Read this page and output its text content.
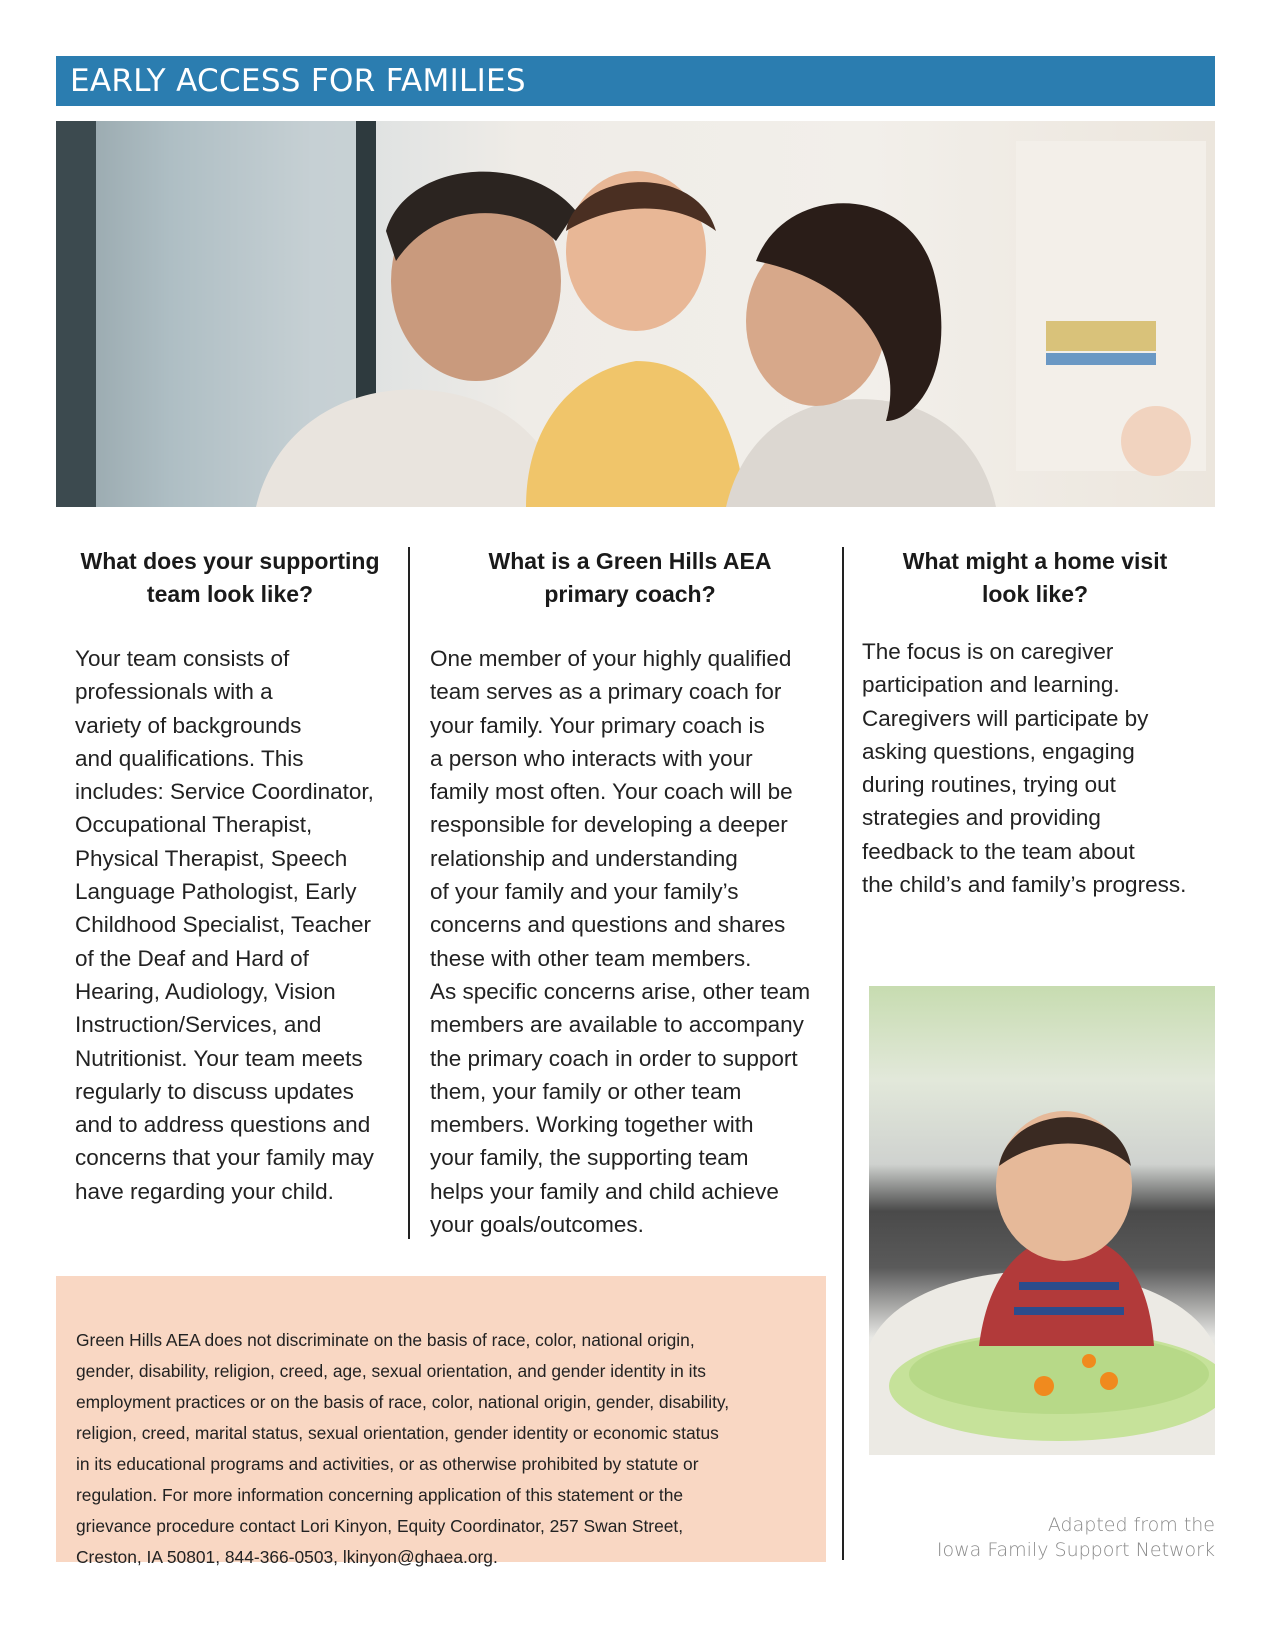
EARLY ACCESS FOR FAMILIES
What does your supporting
team look like?
Your team consists of
professionals with a
variety of backgrounds
and qualifications. This
includes: Service Coordinator,
Occupational Therapist,
Physical Therapist, Speech
Language Pathologist, Early
Childhood Specialist, Teacher
of the Deaf and Hard of
Hearing, Audiology, Vision
Instruction/Services, and
Nutritionist. Your team meets
regularly to discuss updates
and to address questions and
concerns that your family may
have regarding your child.
What is a Green Hills AEA
primary coach?
One member of your highly qualified
team serves as a primary coach for
your family. Your primary coach is
a person who interacts with your
family most often. Your coach will be
responsible for developing a deeper
relationship and understanding
of your family and your family’s
concerns and questions and shares
these with other team members.
As specific concerns arise, other team
members are available to accompany
the primary coach in order to support
them, your family or other team
members. Working together with
your family, the supporting team
helps your family and child achieve
your goals/outcomes.
What might a home visit
look like?
The focus is on caregiver
participation and learning.
Caregivers will participate by
asking questions, engaging
during routines, trying out
strategies and providing
feedback to the team about
the child’s and family’s progress.

Green Hills AEA does not discriminate on the basis of race, color, national origin,
gender, disability, religion, creed, age, sexual orientation, and gender identity in its
employment practices or on the basis of race, color, national origin, gender, disability,
religion, creed, marital status, sexual orientation, gender identity or economic status
in its educational programs and activities, or as otherwise prohibited by statute or
regulation. For more information concerning application of this statement or the
grievance procedure contact Lori Kinyon, Equity Coordinator, 257 Swan Street,
Creston, IA 50801, 844-366-0503, lkinyon@ghaea.org.

Adapted from the
Iowa Family Support Network
